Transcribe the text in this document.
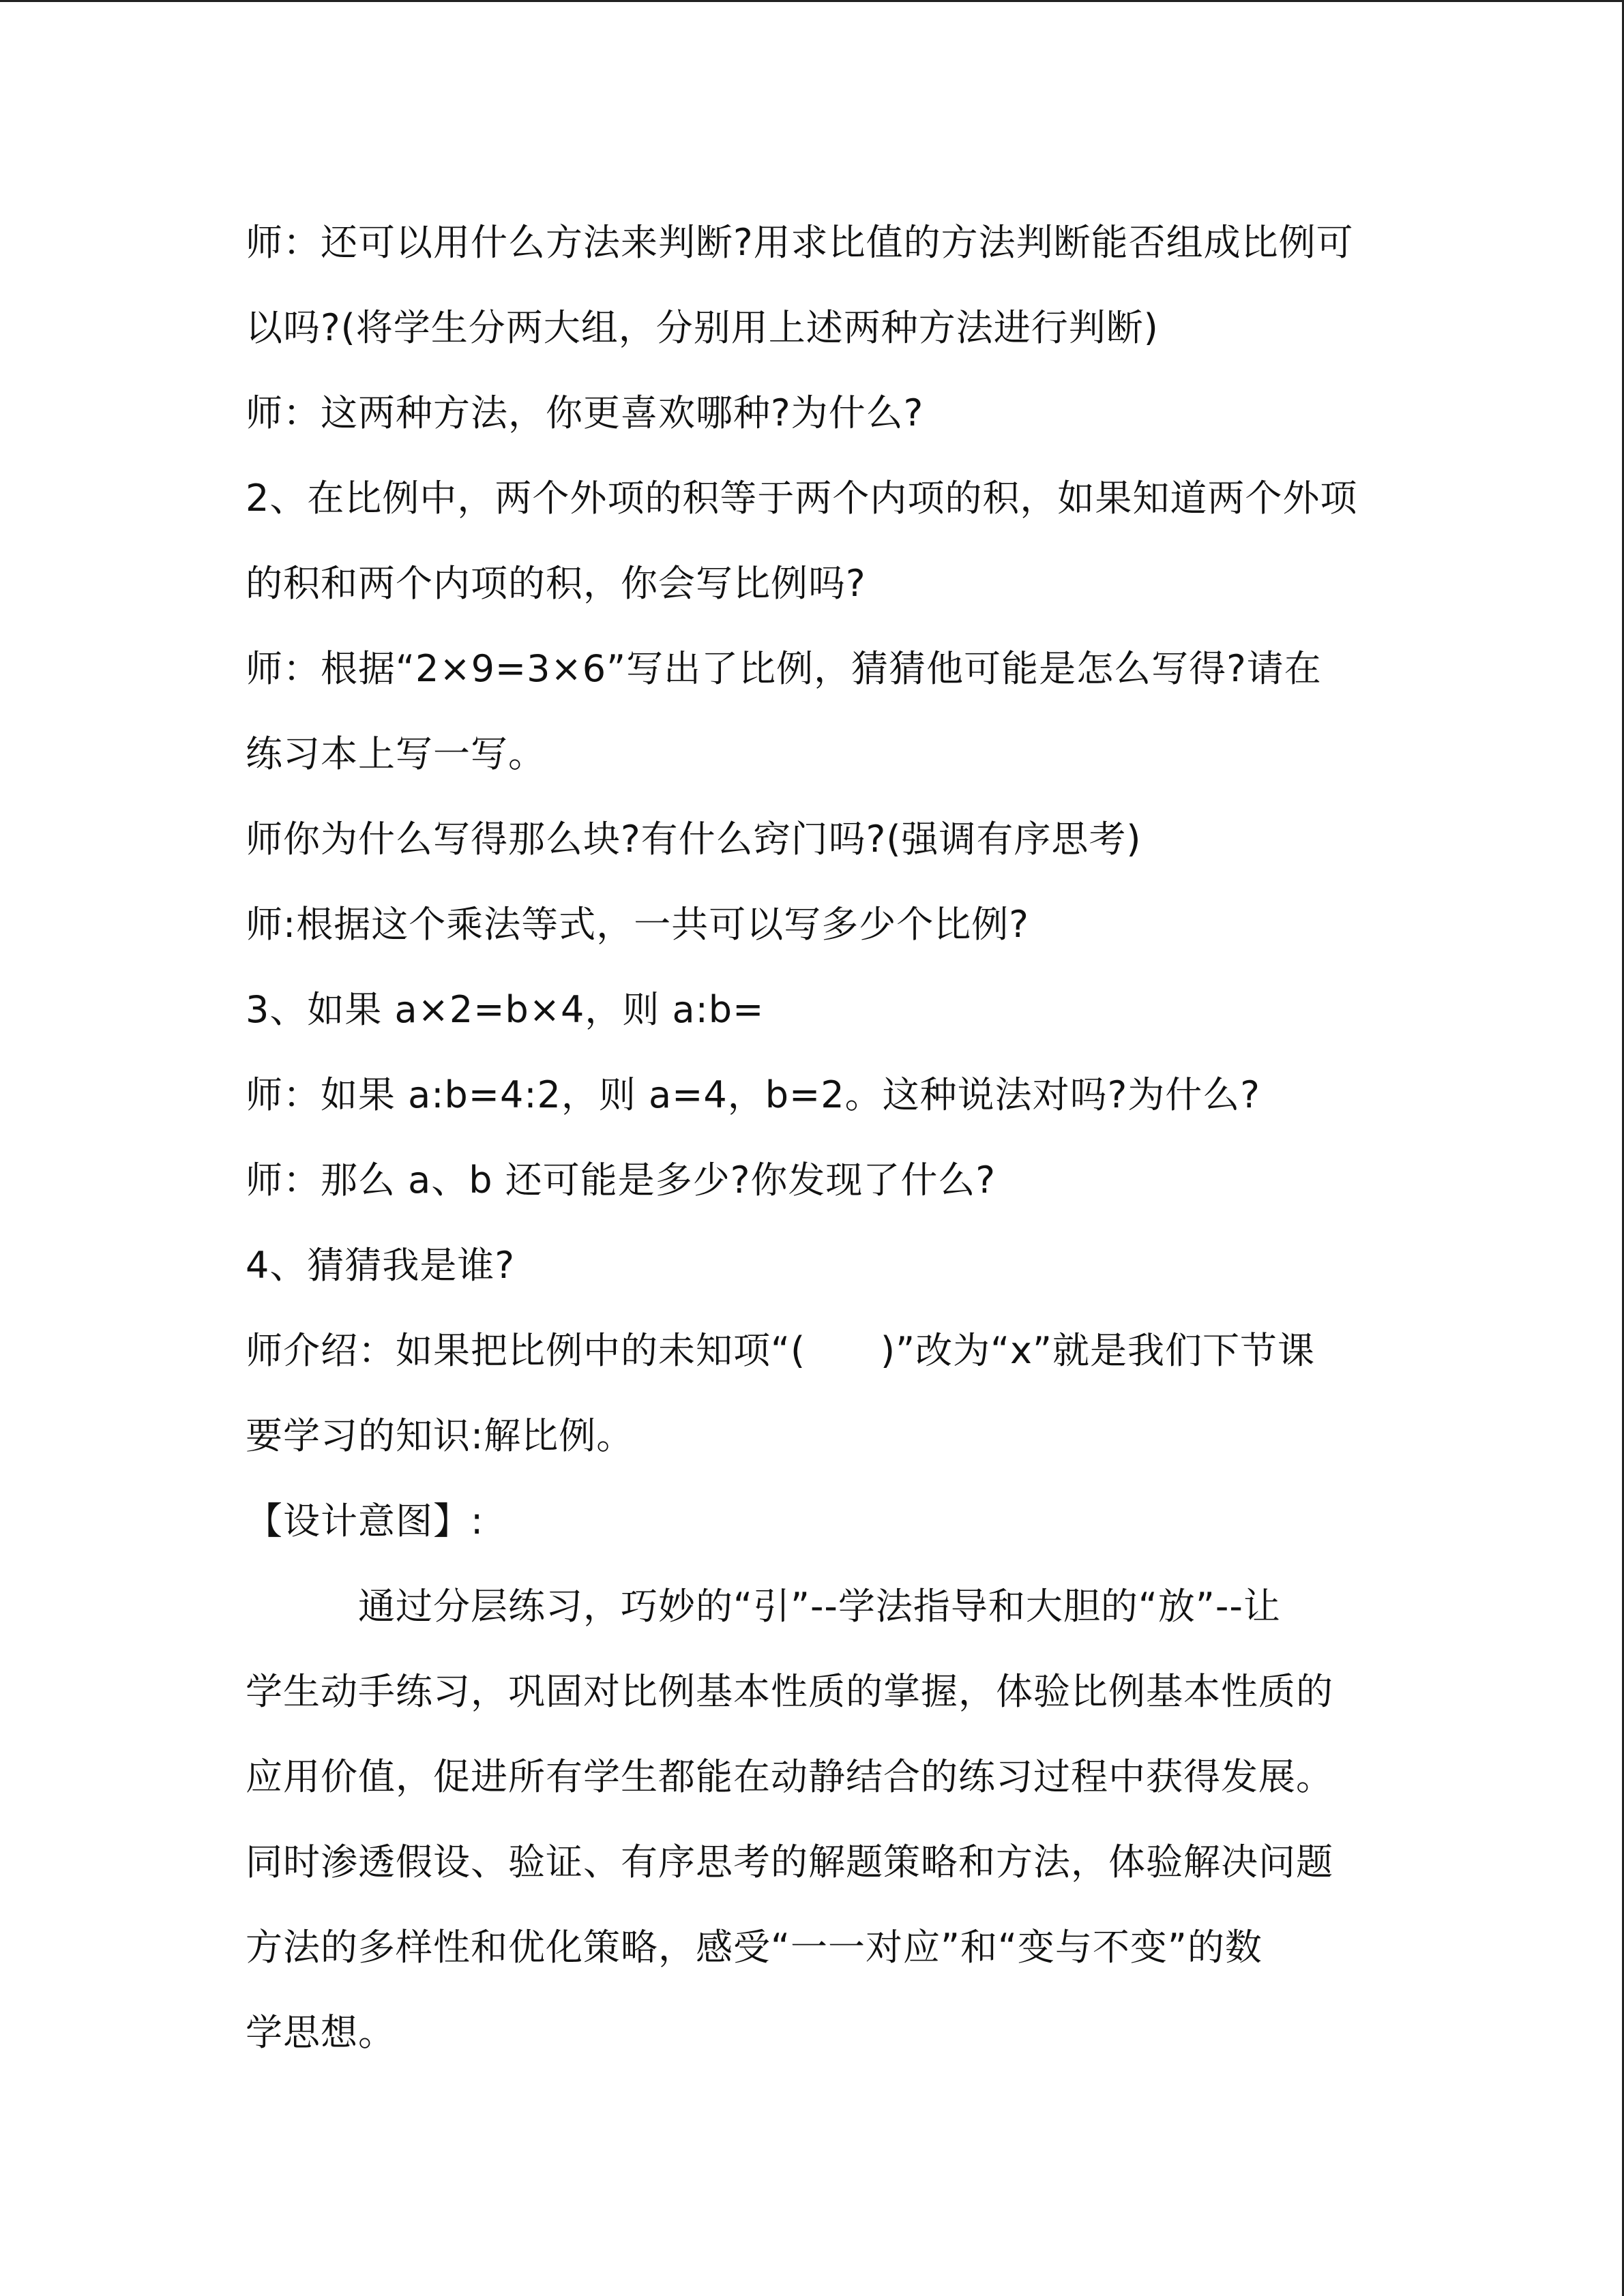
师：还可以用什么方法来判断?用求比值的方法判断能否组成比例可
以吗?(将学生分两大组，分别用上述两种方法进行判断)
师：这两种方法，你更喜欢哪种?为什么?
2、在比例中，两个外项的积等于两个内项的积，如果知道两个外项
的积和两个内项的积，你会写比例吗?
师：根据“2×9=3×6”写出了比例，猜猜他可能是怎么写得?请在
练习本上写一写。
师你为什么写得那么块?有什么窍门吗?(强调有序思考)
师:根据这个乘法等式，一共可以写多少个比例?
3、如果 a×2=b×4，则 a:b=
师：如果 a:b=4:2，则 a=4，b=2。这种说法对吗?为什么?
师：那么 a、b 还可能是多少?你发现了什么?
4、猜猜我是谁?
师介绍：如果把比例中的未知项“(　　)”改为“x”就是我们下节课
要学习的知识:解比例。
【设计意图】:
通过分层练习，巧妙的“引”--学法指导和大胆的“放”--让
学生动手练习，巩固对比例基本性质的掌握，体验比例基本性质的
应用价值，促进所有学生都能在动静结合的练习过程中获得发展。
同时渗透假设、验证、有序思考的解题策略和方法，体验解决问题
方法的多样性和优化策略，感受“一一对应”和“变与不变”的数
学思想。
